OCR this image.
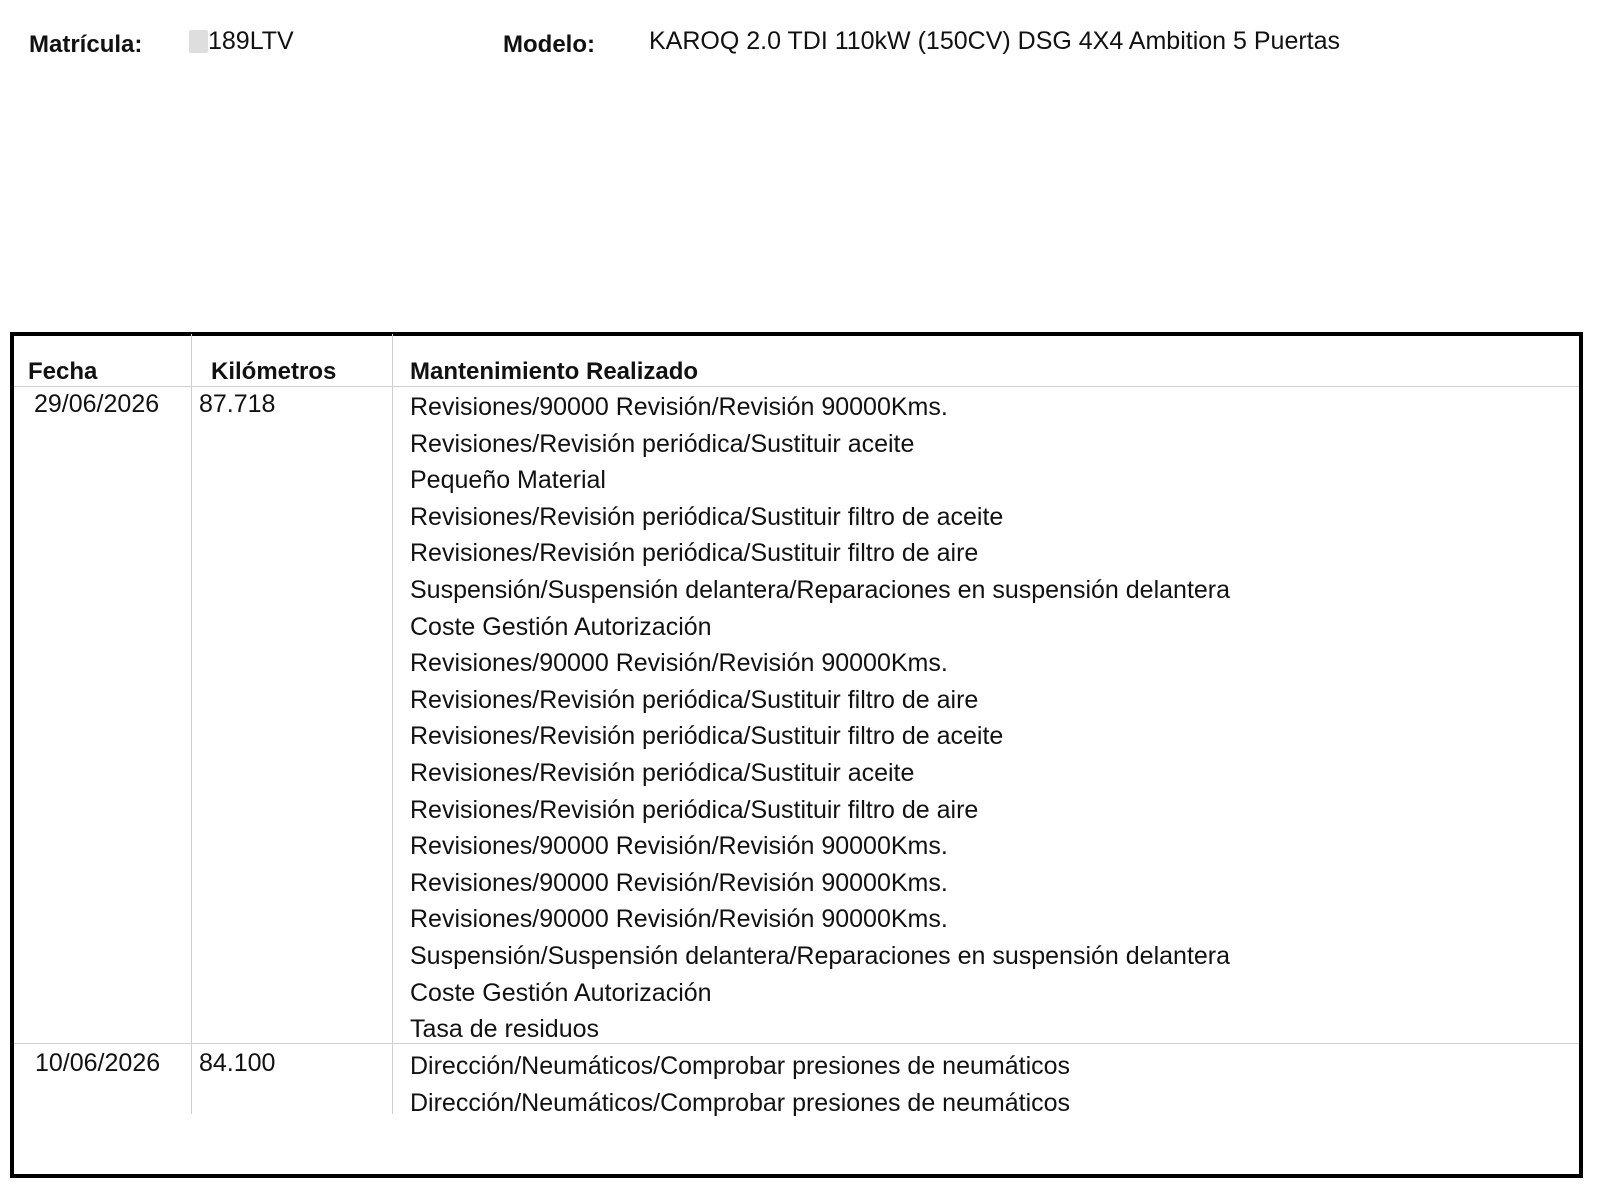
Matrícula:	189LTV	Modelo: KAROQ 2.0 TDI 110kW (150CV) DSG 4X4 Ambition 5 Puertas
Fecha	Kilómetros	Mantenimiento Realizado
29/06/2026 87.718	Revisiones/90000 Revisión/Revisión 90000Kms.
Revisiones/Revisión periódica/Sustituir aceite
Pequeño Material
Revisiones/Revisión periódica/Sustituir filtro de aceite
Revisiones/Revisión periódica/Sustituir filtro de aire
Suspensión/Suspensión delantera/Reparaciones en suspensión delantera
Coste Gestión Autorización
Revisiones/90000 Revisión/Revisión 90000Kms.
Revisiones/Revisión periódica/Sustituir filtro de aire
Revisiones/Revisión periódica/Sustituir filtro de aceite
Revisiones/Revisión periódica/Sustituir aceite
Revisiones/Revisión periódica/Sustituir filtro de aire
Revisiones/90000 Revisión/Revisión 90000Kms.
Revisiones/90000 Revisión/Revisión 90000Kms.
Revisiones/90000 Revisión/Revisión 90000Kms.
Suspensión/Suspensión delantera/Reparaciones en suspensión delantera
Coste Gestión Autorización
Tasa de residuos
10/06/2026 84.100	Dirección/Neumáticos/Comprobar presiones de neumáticos
Dirección/Neumáticos/Comprobar presiones de neumáticos
